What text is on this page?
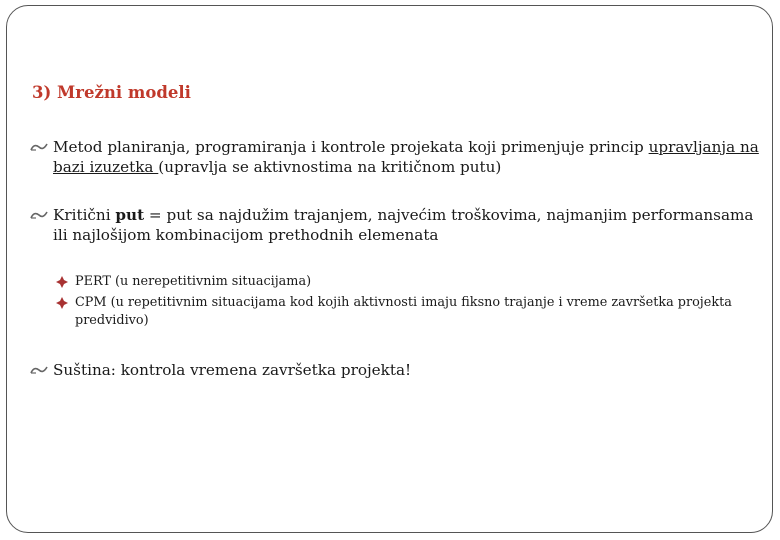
3) Mrežni modeli
Metod planiranja, programiranja i kontrole projekata koji primenjuje princip upravljanja na bazi izuzetka (upravlja se aktivnostima na kritičnom putu)
Kritični put = put sa najdužim trajanjem, najvećim troškovima, najmanjim performansama ili najlošijom kombinacijom prethodnih elemenata
PERT (u nerepetitivnim situacijama)
CPM (u repetitivnim situacijama kod kojih aktivnosti imaju fiksno trajanje i vreme završetka projekta predvidivo)
Suština: kontrola vremena završetka projekta!
